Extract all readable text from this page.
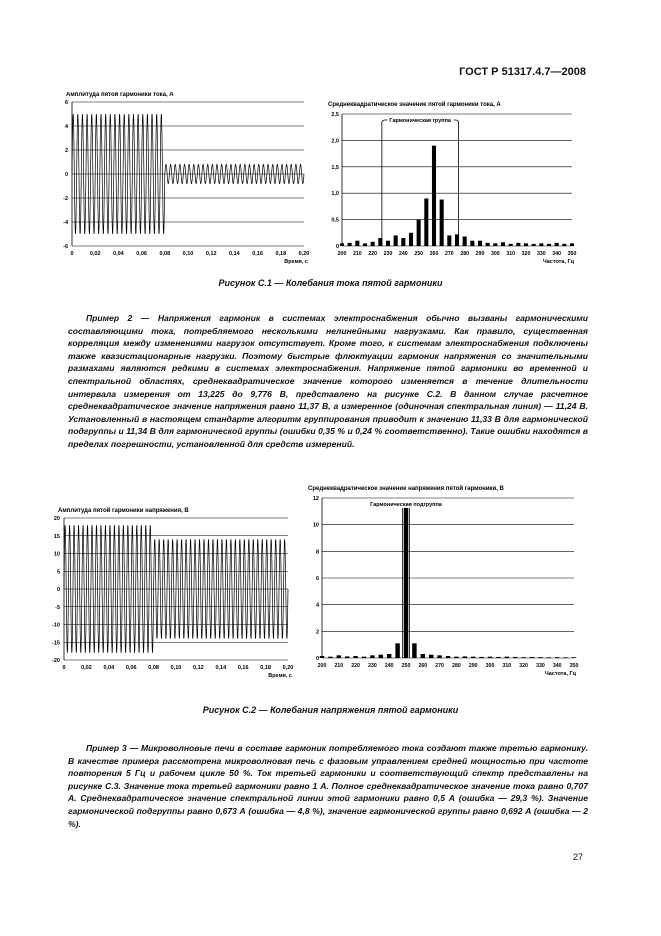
ГОСТ Р 51317.4.7—2008
Амплитуда пятой гармоники тока, А
6
4
2
0
-2
-4
-6
0	0,02 0,04 0,06 0,08 0,10 0,12 0,14 0,16 0,18 0,20
Время, с
Среднеквадратическое значение пятой гармоники тока, А
2,5
2,0
1,5
1,0
0,5
0
200 210 220 230 240 250 260 270 280 290 300 310 320 330 340 350
Частота, Гц
Гармоническая группа
Рисунок С.1 — Колебания тока пятой гармоники

Пример 2 — Напряжения гармоник в системах электроснабжения обычно вызваны гармоническими составляющими тока, потребляемого несколькими нелинейными нагрузками. Как правило, существенная корреляция между изменениями нагрузок отсутствует. Кроме того, к системам электроснабжения подключены также квазистационарные нагрузки. Поэтому быстрые флюктуации гармоник напряжения со значительными размахами являются редкими в системах электроснабжения. Напряжение пятой гармоники во временной и спектральной областях, среднеквадратическое значение которого изменяется в течение длительности интервала измерения от 13,225 до 9,776 В, представлено на рисунке С.2. В данном случае расчетное среднеквадратическое значение напряжения равно 11,37 В, а измеренное (одиночная спектральная линия) — 11,24 В. Установленный в настоящем стандарте алгоритм группирования приводит к значению 11,33 В для гармонической подгруппы и 11,34 В для гармонической группы (ошибки 0,35 % и 0,24 % соответственно). Такие ошибки находятся в пределах погрешности, установленной для средств измерений.

Амплитуда пятой гармоники напряжения, В
20
15
10
5
0
-5
-10
-15
-20
0	0,02 0,04 0,06 0,08 0,10 0,12 0,14 0,16 0,18 0,20
Время, с
Среднеквадратическое значение напряжения пятой гармоники, В
12
10
8
6
4
2
0
200 210 220 230 240 250 260 270 280 290 300 310 320 330 340 350
Частота, Гц
Гармоническая подгруппа
Рисунок С.2 — Колебания напряжения пятой гармоники

Пример 3 — Микроволновые печи в составе гармоник потребляемого тока создают также третью гармонику. В качестве примера рассмотрена микроволновая печь с фазовым управлением средней мощностью при частоте повторения 5 Гц и рабочем цикле 50 %. Ток третьей гармоники и соответствующий спектр представлены на рисунке С.3. Значение тока третьей гармоники равно 1 А. Полное среднеквадратическое значение тока равно 0,707 А. Среднеквадратическое значение спектральной линии этой гармоники равно 0,5 А (ошибка — 29,3 %). Значение гармонической подгруппы равно 0,673 А (ошибка — 4,8 %), значение гармонической группы равно 0,692 А (ошибка — 2 %).

27
